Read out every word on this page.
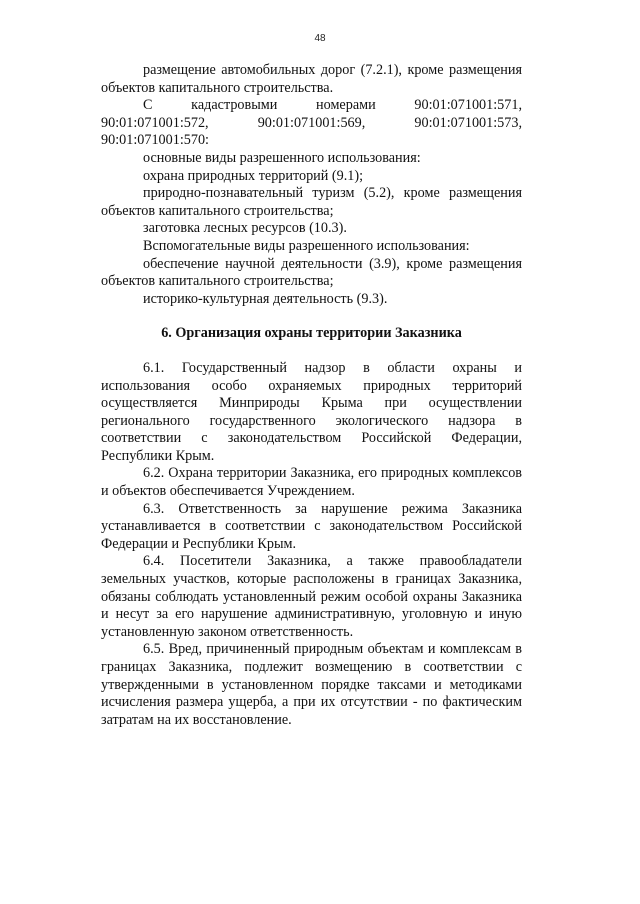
48

размещение автомобильных дорог (7.2.1), кроме размещения объектов капитального строительства.

С кадастровыми номерами 90:01:071001:571, 90:01:071001:572, 90:01:071001:569, 90:01:071001:573, 90:01:071001:570:

основные виды разрешенного использования:

охрана природных территорий (9.1);

природно-познавательный туризм (5.2), кроме размещения объектов капитального строительства;

заготовка лесных ресурсов (10.3).

Вспомогательные виды разрешенного использования:

обеспечение научной деятельности (3.9), кроме размещения объектов капитального строительства;

историко-культурная деятельность (9.3).

6. Организация охраны территории Заказника

6.1. Государственный надзор в области охраны и использования особо охраняемых природных территорий осуществляется Минприроды Крыма при осуществлении регионального государственного экологического надзора в соответствии с законодательством Российской Федерации, Республики Крым.

6.2. Охрана территории Заказника, его природных комплексов и объектов обеспечивается Учреждением.

6.3. Ответственность за нарушение режима Заказника устанавливается в соответствии с законодательством Российской Федерации и Республики Крым.

6.4. Посетители Заказника, а также правообладатели земельных участков, которые расположены в границах Заказника, обязаны соблюдать установленный режим особой охраны Заказника и несут за его нарушение административную, уголовную и иную установленную законом ответственность.

6.5. Вред, причиненный природным объектам и комплексам в границах Заказника, подлежит возмещению в соответствии с утвержденными в установленном порядке таксами и методиками исчисления размера ущерба, а при их отсутствии - по фактическим затратам на их восстановление.
